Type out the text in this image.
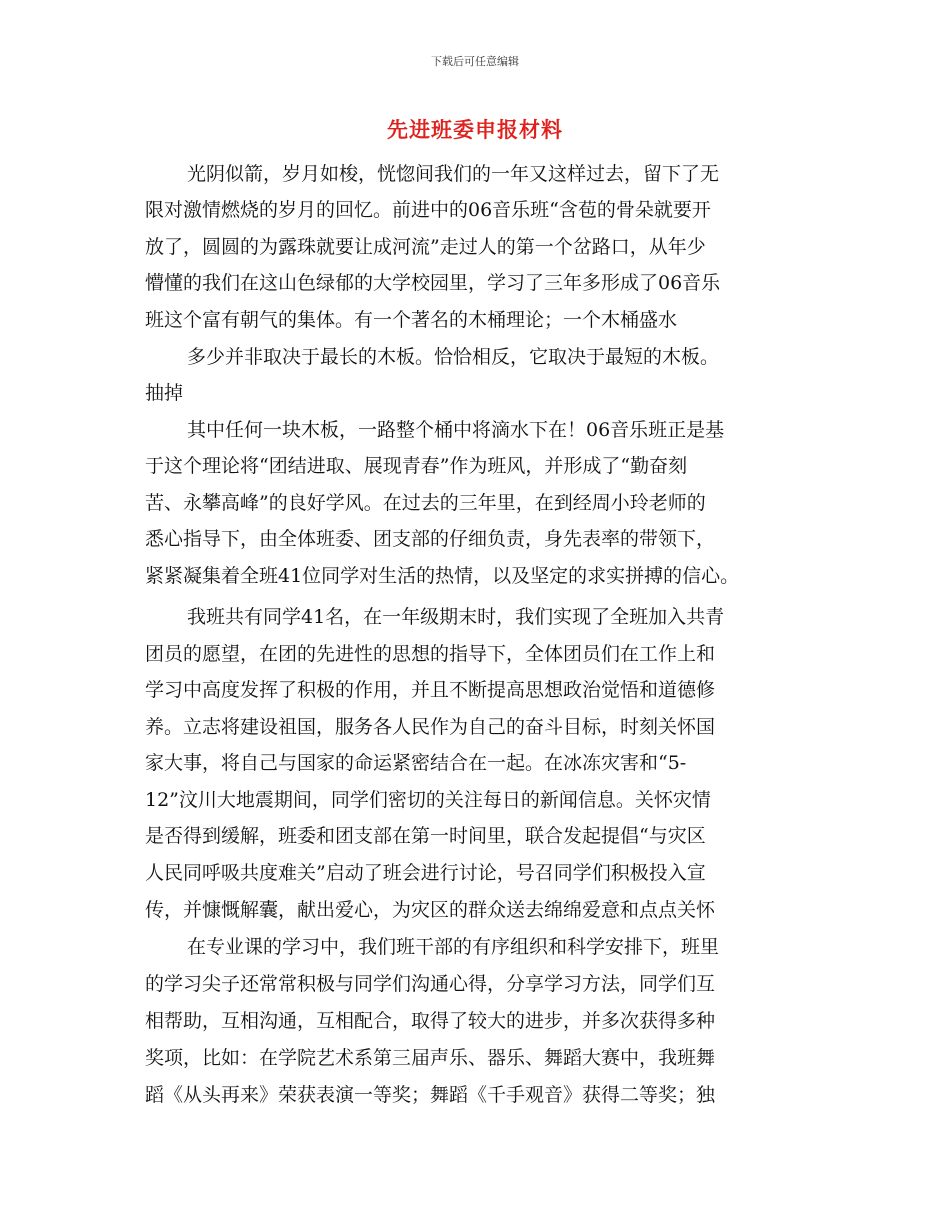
下载后可任意编辑
先进班委申报材料
光阴似箭，岁月如梭，恍惚间我们的一年又这样过去，留下了无
限对激情燃烧的岁月的回忆。前进中的06音乐班“含苞的骨朵就要开
放了，圆圆的为露珠就要让成河流”走过人的第一个岔路口，从年少
懵懂的我们在这山色绿郁的大学校园里，学习了三年多形成了06音乐
班这个富有朝气的集体。有一个著名的木桶理论；一个木桶盛水
多少并非取决于最长的木板。恰恰相反，它取决于最短的木板。
抽掉
其中任何一块木板，一路整个桶中将滴水下在！06音乐班正是基
于这个理论将“团结进取、展现青春”作为班风，并形成了“勤奋刻
苦、永攀高峰”的良好学风。在过去的三年里，在到经周小玲老师的
悉心指导下，由全体班委、团支部的仔细负责，身先表率的带领下，
紧紧凝集着全班41位同学对生活的热情，以及坚定的求实拼搏的信心。
我班共有同学41名，在一年级期末时，我们实现了全班加入共青
团员的愿望，在团的先进性的思想的指导下，全体团员们在工作上和
学习中高度发挥了积极的作用，并且不断提高思想政治觉悟和道德修
养。立志将建设祖国，服务各人民作为自己的奋斗目标，时刻关怀国
家大事，将自己与国家的命运紧密结合在一起。在冰冻灾害和“5-
12”汶川大地震期间，同学们密切的关注每日的新闻信息。关怀灾情
是否得到缓解，班委和团支部在第一时间里，联合发起提倡“与灾区
人民同呼吸共度难关”启动了班会进行讨论，号召同学们积极投入宣
传，并慷慨解囊，献出爱心，为灾区的群众送去绵绵爱意和点点关怀
在专业课的学习中，我们班干部的有序组织和科学安排下，班里
的学习尖子还常常积极与同学们沟通心得，分享学习方法，同学们互
相帮助，互相沟通，互相配合，取得了较大的进步，并多次获得多种
奖项，比如：在学院艺术系第三届声乐、器乐、舞蹈大赛中，我班舞
蹈《从头再来》荣获表演一等奖；舞蹈《千手观音》获得二等奖；独
